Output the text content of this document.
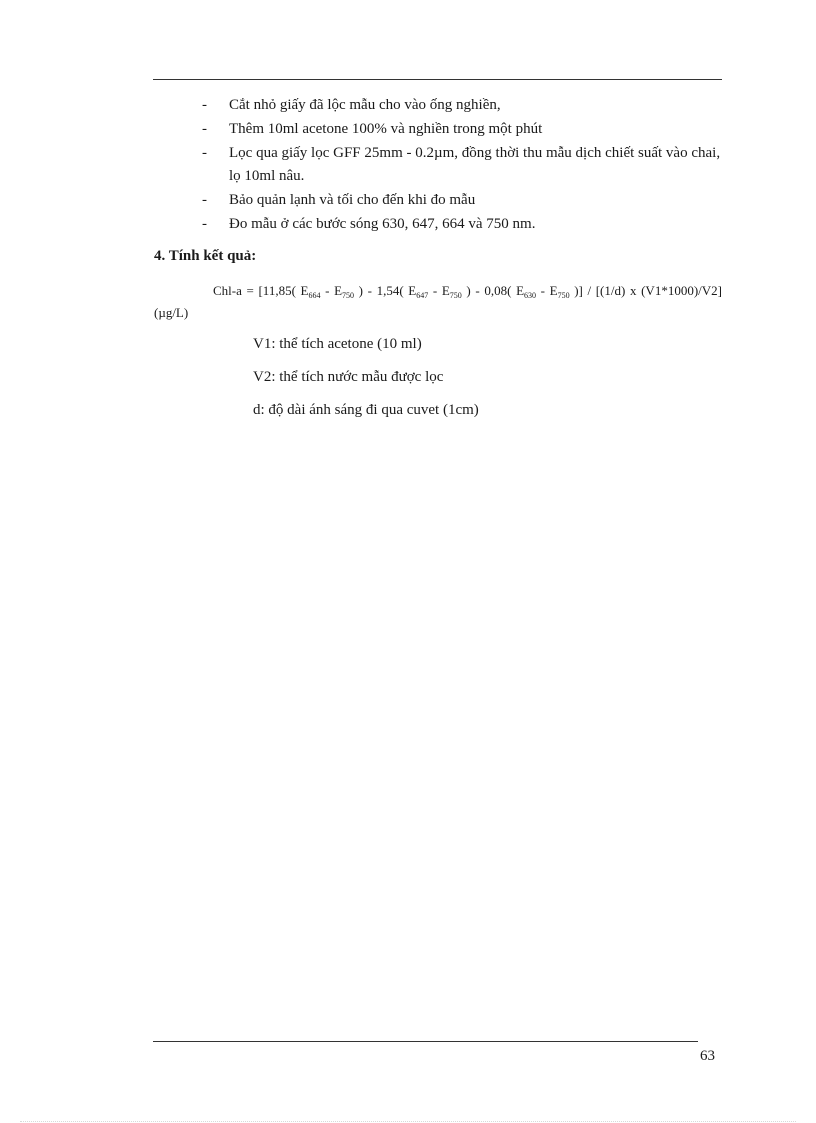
- Cắt nhỏ giấy đã lộc mẫu cho vào ống nghiền,
- Thêm 10ml acetone 100% và nghiền trong một phút
- Lọc qua giấy lọc GFF 25mm - 0.2µm, đồng thời thu mẫu dịch chiết suất vào chai, lọ 10ml nâu.
- Bảo quản lạnh và tối cho đến khi đo mẫu
- Đo mẫu ở các bước sóng 630, 647, 664 và 750 nm.
4. Tính kết quả:
Chl-a = [11,85( $E_{664} - E_{750}$ ) - 1,54( $E_{647} - E_{750}$ ) - 0,08( $E_{630} - E_{750}$ )] / [(1/d) x (V1*1000)/V2] (µg/L)
V1: thể tích acetone (10 ml)
V2: thể tích nước mẫu được lọc
d: độ dài ánh sáng đi qua cuvet (1cm)
63
